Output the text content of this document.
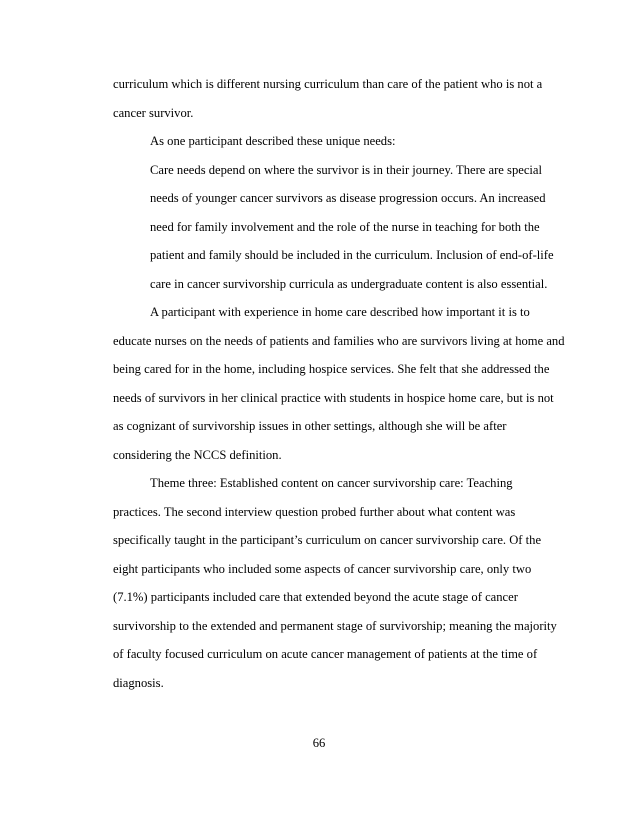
curriculum which is different nursing curriculum than care of the patient who is not a
cancer survivor.
As one participant described these unique needs:
Care needs depend on where the survivor is in their journey. There are special
needs of younger cancer survivors as disease progression occurs. An increased
need for family involvement and the role of the nurse in teaching for both the
patient and family should be included in the curriculum. Inclusion of end-of-life
care in cancer survivorship curricula as undergraduate content is also essential.
A participant with experience in home care described how important it is to
educate nurses on the needs of patients and families who are survivors living at home and
being cared for in the home, including hospice services. She felt that she addressed the
needs of survivors in her clinical practice with students in hospice home care, but is not
as cognizant of survivorship issues in other settings, although she will be after
considering the NCCS definition.
Theme three: Established content on cancer survivorship care: Teaching
practices. The second interview question probed further about what content was
specifically taught in the participant’s curriculum on cancer survivorship care. Of the
eight participants who included some aspects of cancer survivorship care, only two
(7.1%) participants included care that extended beyond the acute stage of cancer
survivorship to the extended and permanent stage of survivorship; meaning the majority
of faculty focused curriculum on acute cancer management of patients at the time of
diagnosis.
66
